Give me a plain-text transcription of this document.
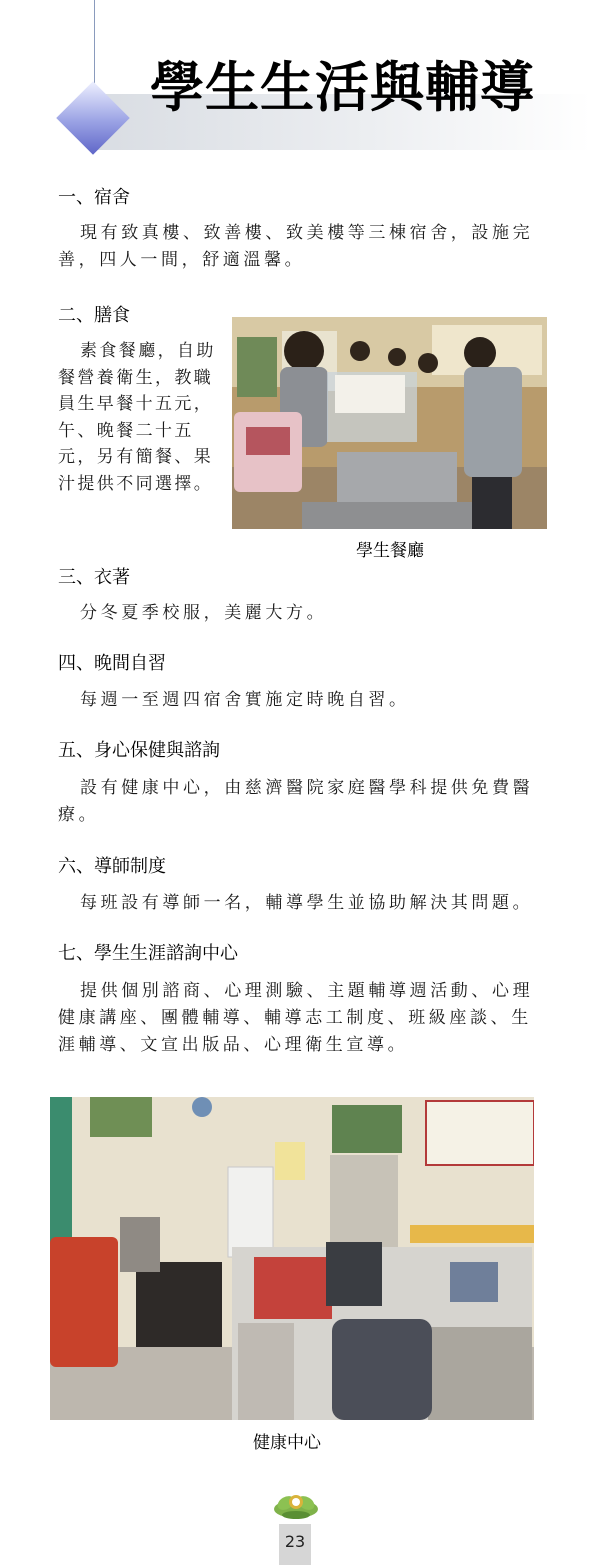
學生生活與輔導
一、宿舍
現有致真樓、致善樓、致美樓等三棟宿舍，設施完善，四人一間，舒適溫馨。
二、膳食
素食餐廳，自助餐營養衛生，教職員生早餐十五元，午、晚餐二十五元，另有簡餐、果汁提供不同選擇。
學生餐廳
三、衣著
分冬夏季校服，美麗大方。
四、晚間自習
每週一至週四宿舍實施定時晚自習。
五、身心保健與諮詢
設有健康中心，由慈濟醫院家庭醫學科提供免費醫療。
六、導師制度
每班設有導師一名，輔導學生並協助解決其問題。
七、學生生涯諮詢中心
提供個別諮商、心理測驗、主題輔導週活動、心理健康講座、團體輔導、輔導志工制度、班級座談、生涯輔導、文宣出版品、心理衛生宣導。
健康中心
23
